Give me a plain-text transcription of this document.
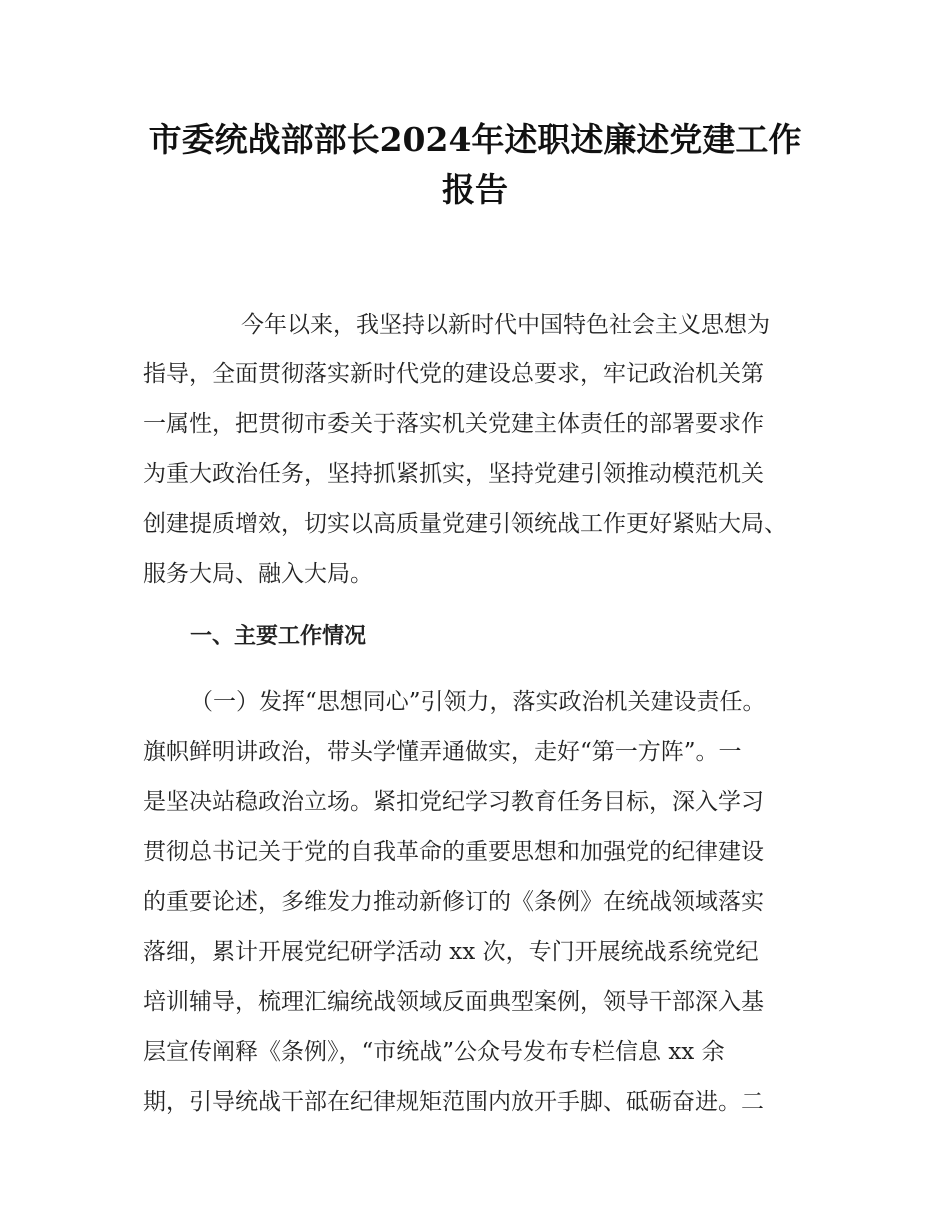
市委统战部部长2024年述职述廉述党建工作
报告

今年以来，我坚持以新时代中国特色社会主义思想为

指导，全面贯彻落实新时代党的建设总要求，牢记政治机关第

一属性，把贯彻市委关于落实机关党建主体责任的部署要求作

为重大政治任务，坚持抓紧抓实，坚持党建引领推动模范机关

创建提质增效，切实以高质量党建引领统战工作更好紧贴大局、

服务大局、融入大局。

一、主要工作情况

（一）发挥“思想同心”引领力，落实政治机关建设责任。

旗帜鲜明讲政治，带头学懂弄通做实，走好“第一方阵”。一

是坚决站稳政治立场。紧扣党纪学习教育任务目标，深入学习

贯彻总书记关于党的自我革命的重要思想和加强党的纪律建设

的重要论述，多维发力推动新修订的《条例》在统战领域落实

落细，累计开展党纪研学活动 xx 次，专门开展统战系统党纪

培训辅导，梳理汇编统战领域反面典型案例，领导干部深入基

层宣传阐释《条例》，“市统战”公众号发布专栏信息 xx 余

期，引导统战干部在纪律规矩范围内放开手脚、砥砺奋进。二
